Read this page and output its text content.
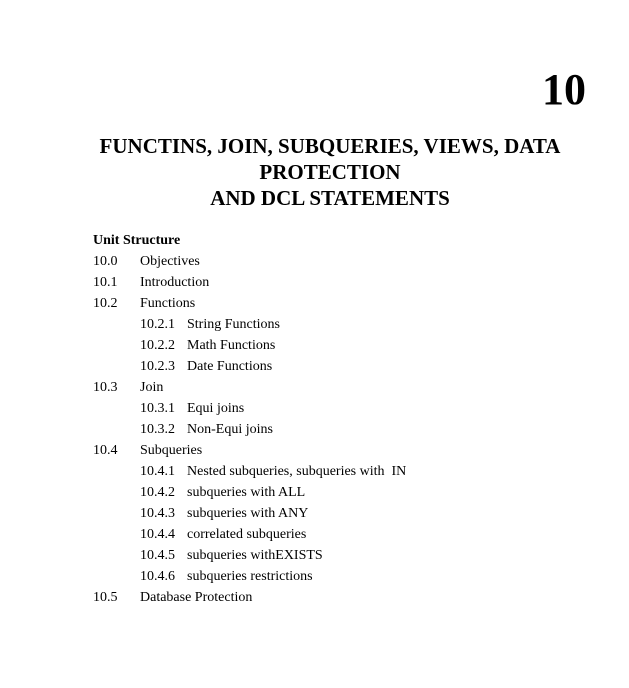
10
FUNCTINS, JOIN, SUBQUERIES, VIEWS, DATA
PROTECTION
AND DCL STATEMENTS
Unit Structure
10.0	Objectives
10.1	Introduction
10.2	Functions
10.2.1 String Functions
10.2.2 Math Functions
10.2.3 Date Functions
10.3	Join
10.3.1 Equi joins
10.3.2 Non-Equi joins
10.4	Subqueries
10.4.1 Nested subqueries, subqueries with  IN
10.4.2 subqueries with ALL
10.4.3 subqueries with ANY
10.4.4 correlated subqueries
10.4.5 subqueries withEXISTS
10.4.6 subqueries restrictions
10.5	Database Protection
